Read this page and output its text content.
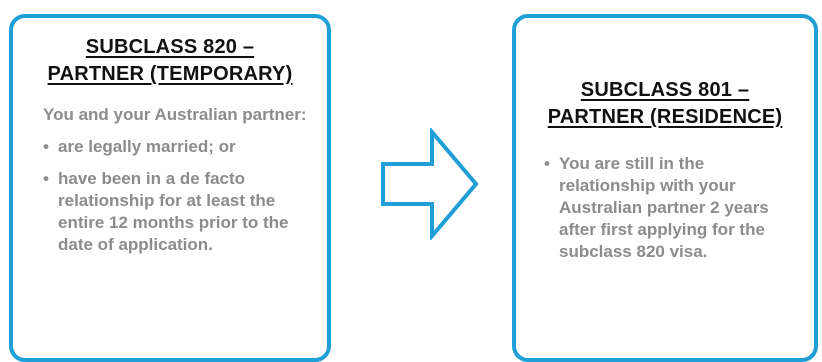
SUBCLASS 820 –
PARTNER (TEMPORARY)
You and your Australian partner:
• are legally married; or
• have been in a de facto relationship for at least the entire 12 months prior to the date of application.
SUBCLASS 801 –
PARTNER (RESIDENCE)
• You are still in the relationship with your Australian partner 2 years after first applying for the subclass 820 visa.
